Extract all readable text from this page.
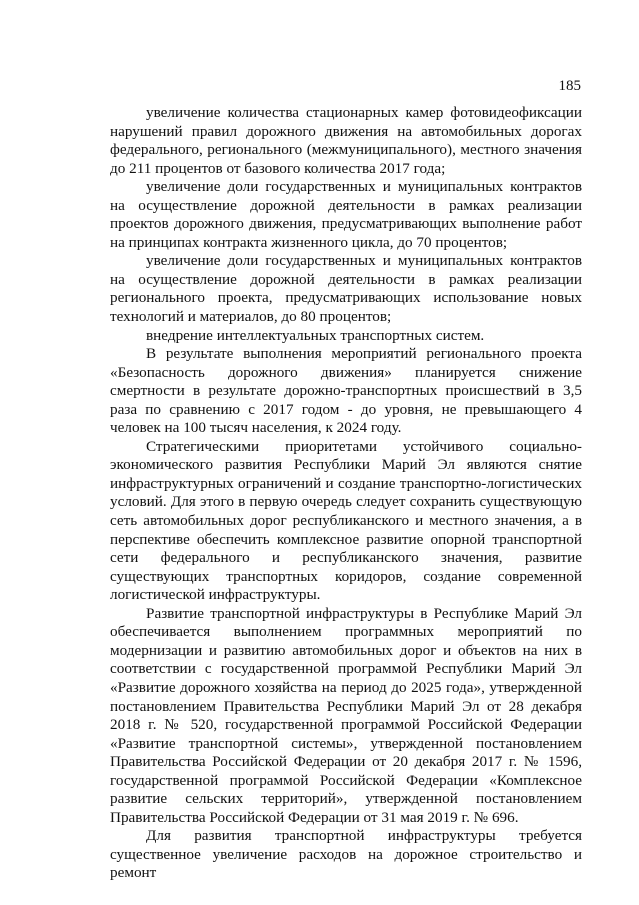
185

увеличение количества стационарных камер фотовидеофиксации нарушений правил дорожного движения на автомобильных дорогах федерального, регионального (межмуниципального), местного значения до 211 процентов от базового количества 2017 года;

увеличение доли государственных и муниципальных контрактов на осуществление дорожной деятельности в рамках реализации проектов дорожного движения, предусматривающих выполнение работ на принципах контракта жизненного цикла, до 70 процентов;

увеличение доли государственных и муниципальных контрактов на осуществление дорожной деятельности в рамках реализации регионального проекта, предусматривающих использование новых технологий и материалов, до 80 процентов;

внедрение интеллектуальных транспортных систем.

В результате выполнения мероприятий регионального проекта «Безопасность дорожного движения» планируется снижение смертности в результате дорожно-транспортных происшествий в 3,5 раза по сравнению с 2017 годом - до уровня, не превышающего 4 человек на 100 тысяч населения, к 2024 году.

Стратегическими приоритетами устойчивого социально-экономического развития Республики Марий Эл являются снятие инфраструктурных ограничений и создание транспортно-логистических условий. Для этого в первую очередь следует сохранить существующую сеть автомобильных дорог республиканского и местного значения, а в перспективе обеспечить комплексное развитие опорной транспортной сети федерального и республиканского значения, развитие существующих транспортных коридоров, создание современной логистической инфраструктуры.

Развитие транспортной инфраструктуры в Республике Марий Эл обеспечивается выполнением программных мероприятий по модернизации и развитию автомобильных дорог и объектов на них в соответствии с государственной программой Республики Марий Эл «Развитие дорожного хозяйства на период до 2025 года», утвержденной постановлением Правительства Республики Марий Эл от 28 декабря 2018 г. № 520, государственной программой Российской Федерации «Развитие транспортной системы», утвержденной постановлением Правительства Российской Федерации от 20 декабря 2017 г. № 1596, государственной программой Российской Федерации «Комплексное развитие сельских территорий», утвержденной постановлением Правительства Российской Федерации от 31 мая 2019 г. № 696.

Для развития транспортной инфраструктуры требуется существенное увеличение расходов на дорожное строительство и ремонт
